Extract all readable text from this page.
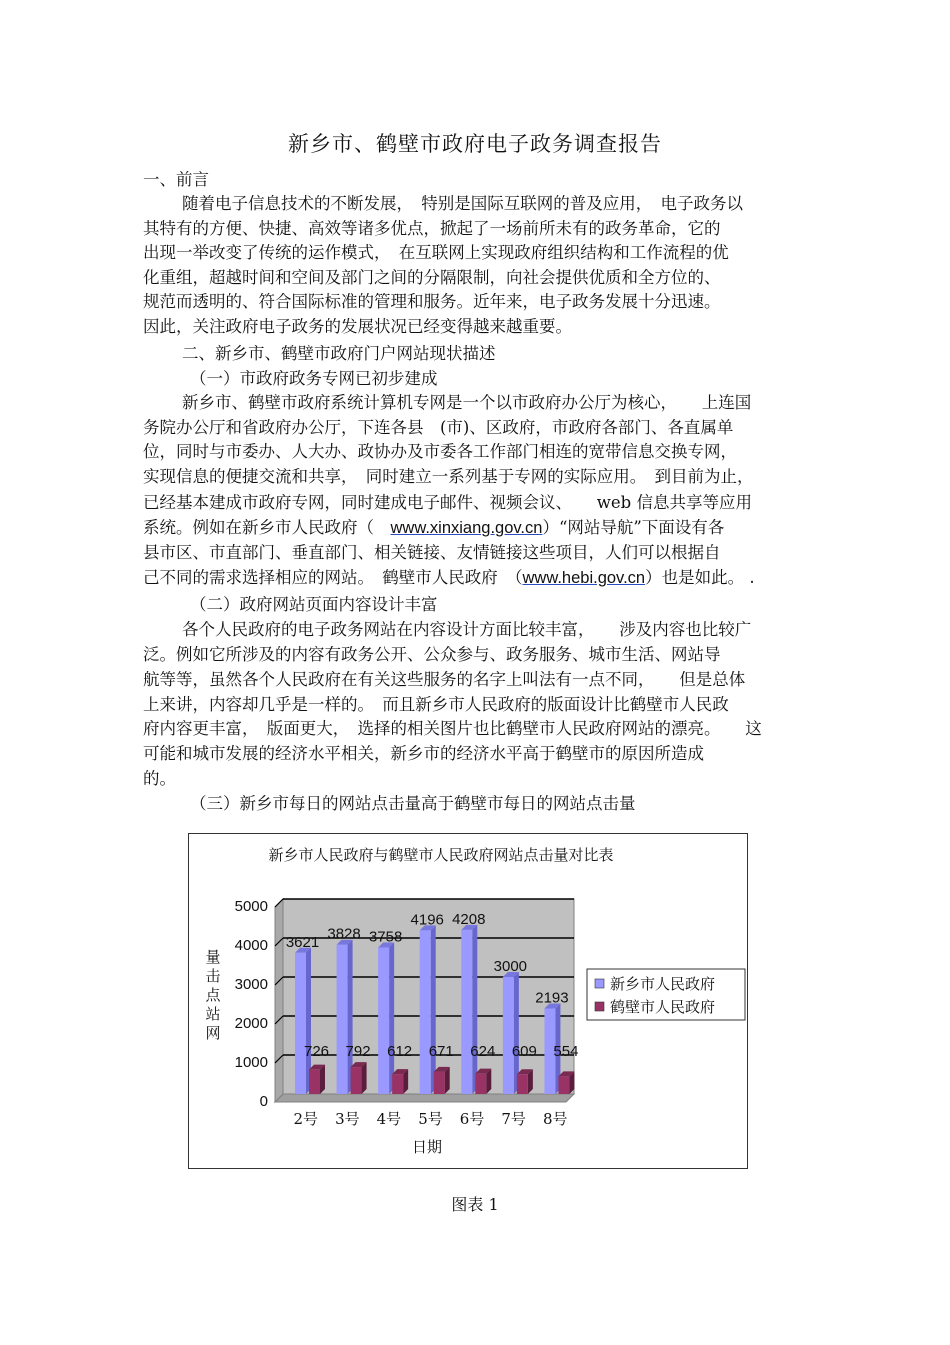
新乡市、鹤壁市政府电子政务调查报告
一、前言
随着电子信息技术的不断发展，　特别是国际互联网的普及应用，　电子政务以
其特有的方便、快捷、高效等诸多优点，掀起了一场前所未有的政务革命，它的
出现一举改变了传统的运作模式，　在互联网上实现政府组织结构和工作流程的优
化重组，超越时间和空间及部门之间的分隔限制，向社会提供优质和全方位的、
规范而透明的、符合国际标准的管理和服务。近年来，电子政务发展十分迅速。
因此，关注政府电子政务的发展状况已经变得越来越重要。
二、新乡市、鹤壁市政府门户网站现状描述
（一）市政府政务专网已初步建成
新乡市、鹤壁市政府系统计算机专网是一个以市政府办公厅为核心，　　上连国
务院办公厅和省政府办公厅，下连各县　(市)、区政府，市政府各部门、各直属单
位，同时与市委办、人大办、政协办及市委各工作部门相连的宽带信息交换专网，
实现信息的便捷交流和共享，　同时建立一系列基于专网的实际应用。　到目前为止，
已经基本建成市政府专网，同时建成电子邮件、视频会议、　　web 信息共享等应用
系统。例如在新乡市人民政府（　www.xinxiang.gov.cn）“网站导航”下面设有各
县市区、市直部门、垂直部门、相关链接、友情链接这些项目，人们可以根据自
己不同的需求选择相应的网站。　鹤壁市人民政府　（www.hebi.gov.cn）也是如此。 .
（二）政府网站页面内容设计丰富
各个人民政府的电子政务网站在内容设计方面比较丰富，　　涉及内容也比较广
泛。例如它所涉及的内容有政务公开、公众参与、政务服务、城市生活、网站导
航等等，虽然各个人民政府在有关这些服务的名字上叫法有一点不同，　　但是总体
上来讲，内容却几乎是一样的。　而且新乡市人民政府的版面设计比鹤壁市人民政
府内容更丰富，　版面更大，　选择的相关图片也比鹤壁市人民政府网站的漂亮。　　这
可能和城市发展的经济水平相关，新乡市的经济水平高于鹤壁市的原因所造成
的。
（三）新乡市每日的网站点击量高于鹤壁市每日的网站点击量
新乡市人民政府与鹤壁市人民政府网站点击量对比表
0
1000
2000
3000
4000
5000
量
击
点
站
网
3621
726
2号
3828
792
3号
3758
612
4号
4196
671
5号
4208
624
6号
3000
609
7号
2193
554
8号
日期
新乡市人民政府
鹤壁市人民政府
图表 1
